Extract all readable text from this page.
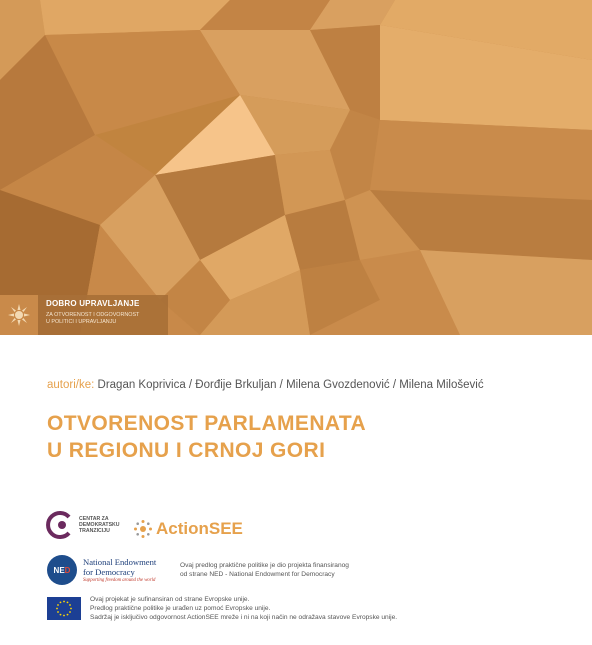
DOBRO UPRAVLJANJE
ZA OTVORENOST I ODGOVORNOST
U POLITICI I UPRAVLJANJU
autori/ke: Dragan Koprivica / Đorđije Brkuljan / Milena Gvozdenović / Milena Milošević
OTVORENOST PARLAMENATA
U REGIONU I CRNOJ GORI
CENTAR ZA
DEMOKRATSKU
TRANZICIJU	ActionSEE
NE D
National Endowment
for Democracy
Supporting freedom around the world
Ovaj predlog praktične politike je dio projekta finansiranog
od strane NED - National Endowment for Democracy
Ovaj projekat je sufinansiran od strane Evropske unije.
Predlog praktične politike je urađen uz pomoć Evropske unije.
Sadržaj je isključivo odgovornost ActionSEE mreže i ni na koji način ne odražava stavove Evropske unije.
